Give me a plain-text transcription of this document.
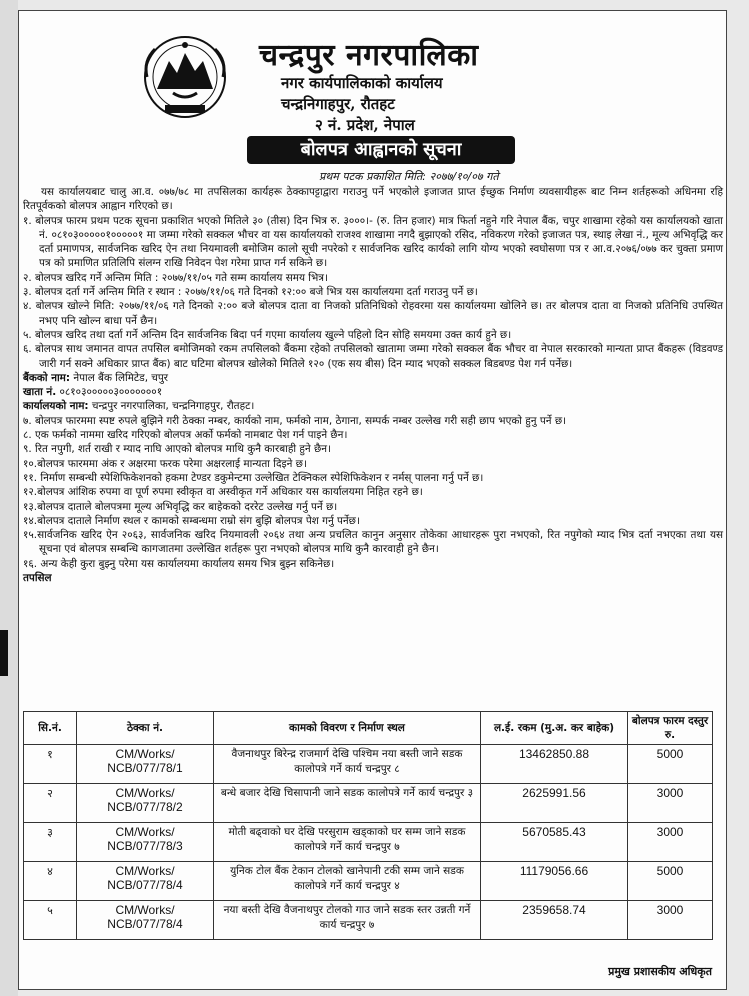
चन्द्रपुर नगरपालिका
नगर कार्यपालिकाको कार्यालय
चन्द्रनिगाहपुर, रौतहट
२ नं. प्रदेश, नेपाल
बोलपत्र आह्वानको सूचना
प्रथम पटक प्रकाशित मिति: २०७७/१०/०७ गते

यस कार्यालयबाट चालु आ.व. ०७७/७८ मा तपसिलका कार्यहरू ठेक्कापट्टाद्वारा गराउनु पर्ने भएकोले इजाजत प्राप्त ईच्छुक निर्माण व्यवसायीहरू बाट निम्न शर्तहरूको अधिनमा रहि रितपूर्वकको बोलपत्र आह्वान गरिएको छ।

१. बोलपत्र फारम प्रथम पटक सूचना प्रकाशित भएको मितिले ३० (तीस) दिन भित्र रु. ३०००।- (रु. तिन हजार) मात्र फिर्ता नहुने गरि नेपाल बैंक, चपुर शाखामा रहेको यस कार्यालयको खाता नं. ०८१०३०००००१०००००१ मा जम्मा गरेको सक्कल भौचर वा यस कार्यालयको राजश्व शाखामा नगदै बुझाएको रसिद, नविकरण गरेको इजाजत पत्र, स्थाइ लेखा नं., मूल्य अभिवृद्धि कर दर्ता प्रमाणपत्र, सार्वजनिक खरिद ऐन तथा नियमावली बमोजिम कालो सूची नपरेको र सार्वजनिक खरिद कार्यको लागि योग्य भएको स्वघोसणा पत्र र आ.व.२०७६/०७७ कर चुक्ता प्रमाण पत्र को प्रमाणित प्रतिलिपि संलग्न राखि निवेदन पेश गरेमा प्राप्त गर्न सकिने छ।

२. बोलपत्र खरिद गर्ने अन्तिम मिति : २०७७/११/०५ गते सम्म कार्यालय समय भित्र।

३. बोलपत्र दर्ता गर्ने अन्तिम मिति र स्थान : २०७७/११/०६ गते दिनको १२:०० बजे भित्र यस कार्यालयमा दर्ता गराउनु पर्ने छ।

४. बोलपत्र खोल्ने मिति: २०७७/११/०६ गते दिनको २:०० बजे बोलपत्र दाता वा निजको प्रतिनिधिको रोहवरमा यस कार्यालयमा खोलिने छ। तर बोलपत्र दाता वा निजको प्रतिनिधि उपस्थित नभए पनि खोल्न बाधा पर्ने छैन।

५. बोलपत्र खरिद तथा दर्ता गर्ने अन्तिम दिन सार्वजनिक बिदा पर्न गएमा कार्यालय खुल्ने पहिलो दिन सोहि समयमा उक्त कार्य हुने छ।

६. बोलपत्र साथ जमानत वापत तपसिल बमोजिमको रकम तपसिलको बैंकमा रहेको तपसिलको खातामा जम्मा गरेको सक्कल बैंक भौचर वा नेपाल सरकारको मान्यता प्राप्त बैंकहरू (विडवण्ड जारी गर्न सक्ने अधिकार प्राप्त बैंक) बाट घटिमा बोलपत्र खोलेको मितिले १२० (एक सय बीस) दिन म्याद भएको सक्कल बिडबण्ड पेश गर्न पर्नेछ।

बैंकको नाम: नेपाल बैंक लिमिटेड, चपुर

खाता नं. ०८१०३०००००३०००००००१

कार्यालयको नाम: चन्द्रपुर नगरपालिका, चन्द्रनिगाहपुर, रौतहट।

७. बोलपत्र फारममा स्पष्ट रुपले बुझिने गरी ठेक्का नम्बर, कार्यको नाम, फर्मको नाम, ठेगाना, सम्पर्क नम्बर उल्लेख गरी सही छाप भएको हुनु पर्ने छ।

८. एक फर्मको नाममा खरिद गरिएको बोलपत्र अर्को फर्मको नामबाट पेश गर्न पाइने छैन।

९. रित नपुगी, शर्त राखी र म्याद नाघि आएको बोलपत्र माथि कुनै कारबाही हुने छैन।

१०.बोलपत्र फारममा अंक र अक्षरमा फरक परेमा अक्षरलाई मान्यता दिइने छ।

११. निर्माण सम्बन्धी स्पेशिफिकेशनको हकमा टेण्डर डकुमेन्टमा उल्लेखित टेक्निकल स्पेशिफिकेशन र नर्मस् पालना गर्नु पर्ने छ।

१२.बोलपत्र आंशिक रुपमा वा पूर्ण रुपमा स्वीकृत वा अस्वीकृत गर्ने अधिकार यस कार्यालयमा निहित रहने छ।

१३.बोलपत्र दाताले बोलपत्रमा मूल्य अभिवृद्धि कर बाहेकको दररेट उल्लेख गर्नु पर्ने छ।

१४.बोलपत्र दाताले निर्माण स्थल र कामको सम्बन्धमा राम्रो संग बुझि बोलपत्र पेश गर्नु पर्नेछ।

१५.सार्वजनिक खरिद ऐन २०६३, सार्वजनिक खरिद नियमावली २०६४ तथा अन्य प्रचलित कानुन अनुसार तोकेका आधारहरू पुरा नभएको, रित नपुगेको म्याद भित्र दर्ता नभएका तथा यस सूचना एवं बोलपत्र सम्बन्धि कागजातमा उल्लेखित शर्तहरू पुरा नभएको बोलपत्र माथि कुनै कारवाही हुने छैन।

१६. अन्य केही कुरा बुझ्नु परेमा यस कार्यालयमा कार्यालय समय भित्र बुझ्न सकिनेछ।

तपसिल

सि.नं.	ठेक्का नं.	कामको विवरण र निर्माण स्थल	ल.ई. रकम (मु.अ. कर बाहेक)	बोलपत्र फारम दस्तुर रु.
१	CM/Works/
NCB/077/78/1	वैजनाथपुर बिरेन्द्र राजमार्ग देखि पश्चिम नया बस्ती जाने सडक कालोपत्रे गर्ने कार्य चन्द्रपुर ८	13462850.88	5000
२	CM/Works/
NCB/077/78/2	बन्धे बजार देखि चिसापानी जाने सडक कालोपत्रे गर्ने कार्य चन्द्रपुर ३	2625991.56	3000
३	CM/Works/
NCB/077/78/3	मोती बढ्वाको घर देखि परसुराम खड्काको घर सम्म जाने सडक कालोपत्रे गर्ने कार्य चन्द्रपुर ७	5670585.43	3000
४	CM/Works/
NCB/077/78/4	युनिक टोल बैंक टेकान टोलको खानेपानी टकी सम्म जाने सडक कालोपत्रे गर्ने कार्य चन्द्रपुर ४	11179056.66	5000
५	CM/Works/
NCB/077/78/4	नया बस्ती देखि वैजनाथपुर टोलको गाउ जाने सडक स्तर उन्नती गर्ने कार्य चन्द्रपुर ७	2359658.74	3000
प्रमुख प्रशासकीय अधिकृत
